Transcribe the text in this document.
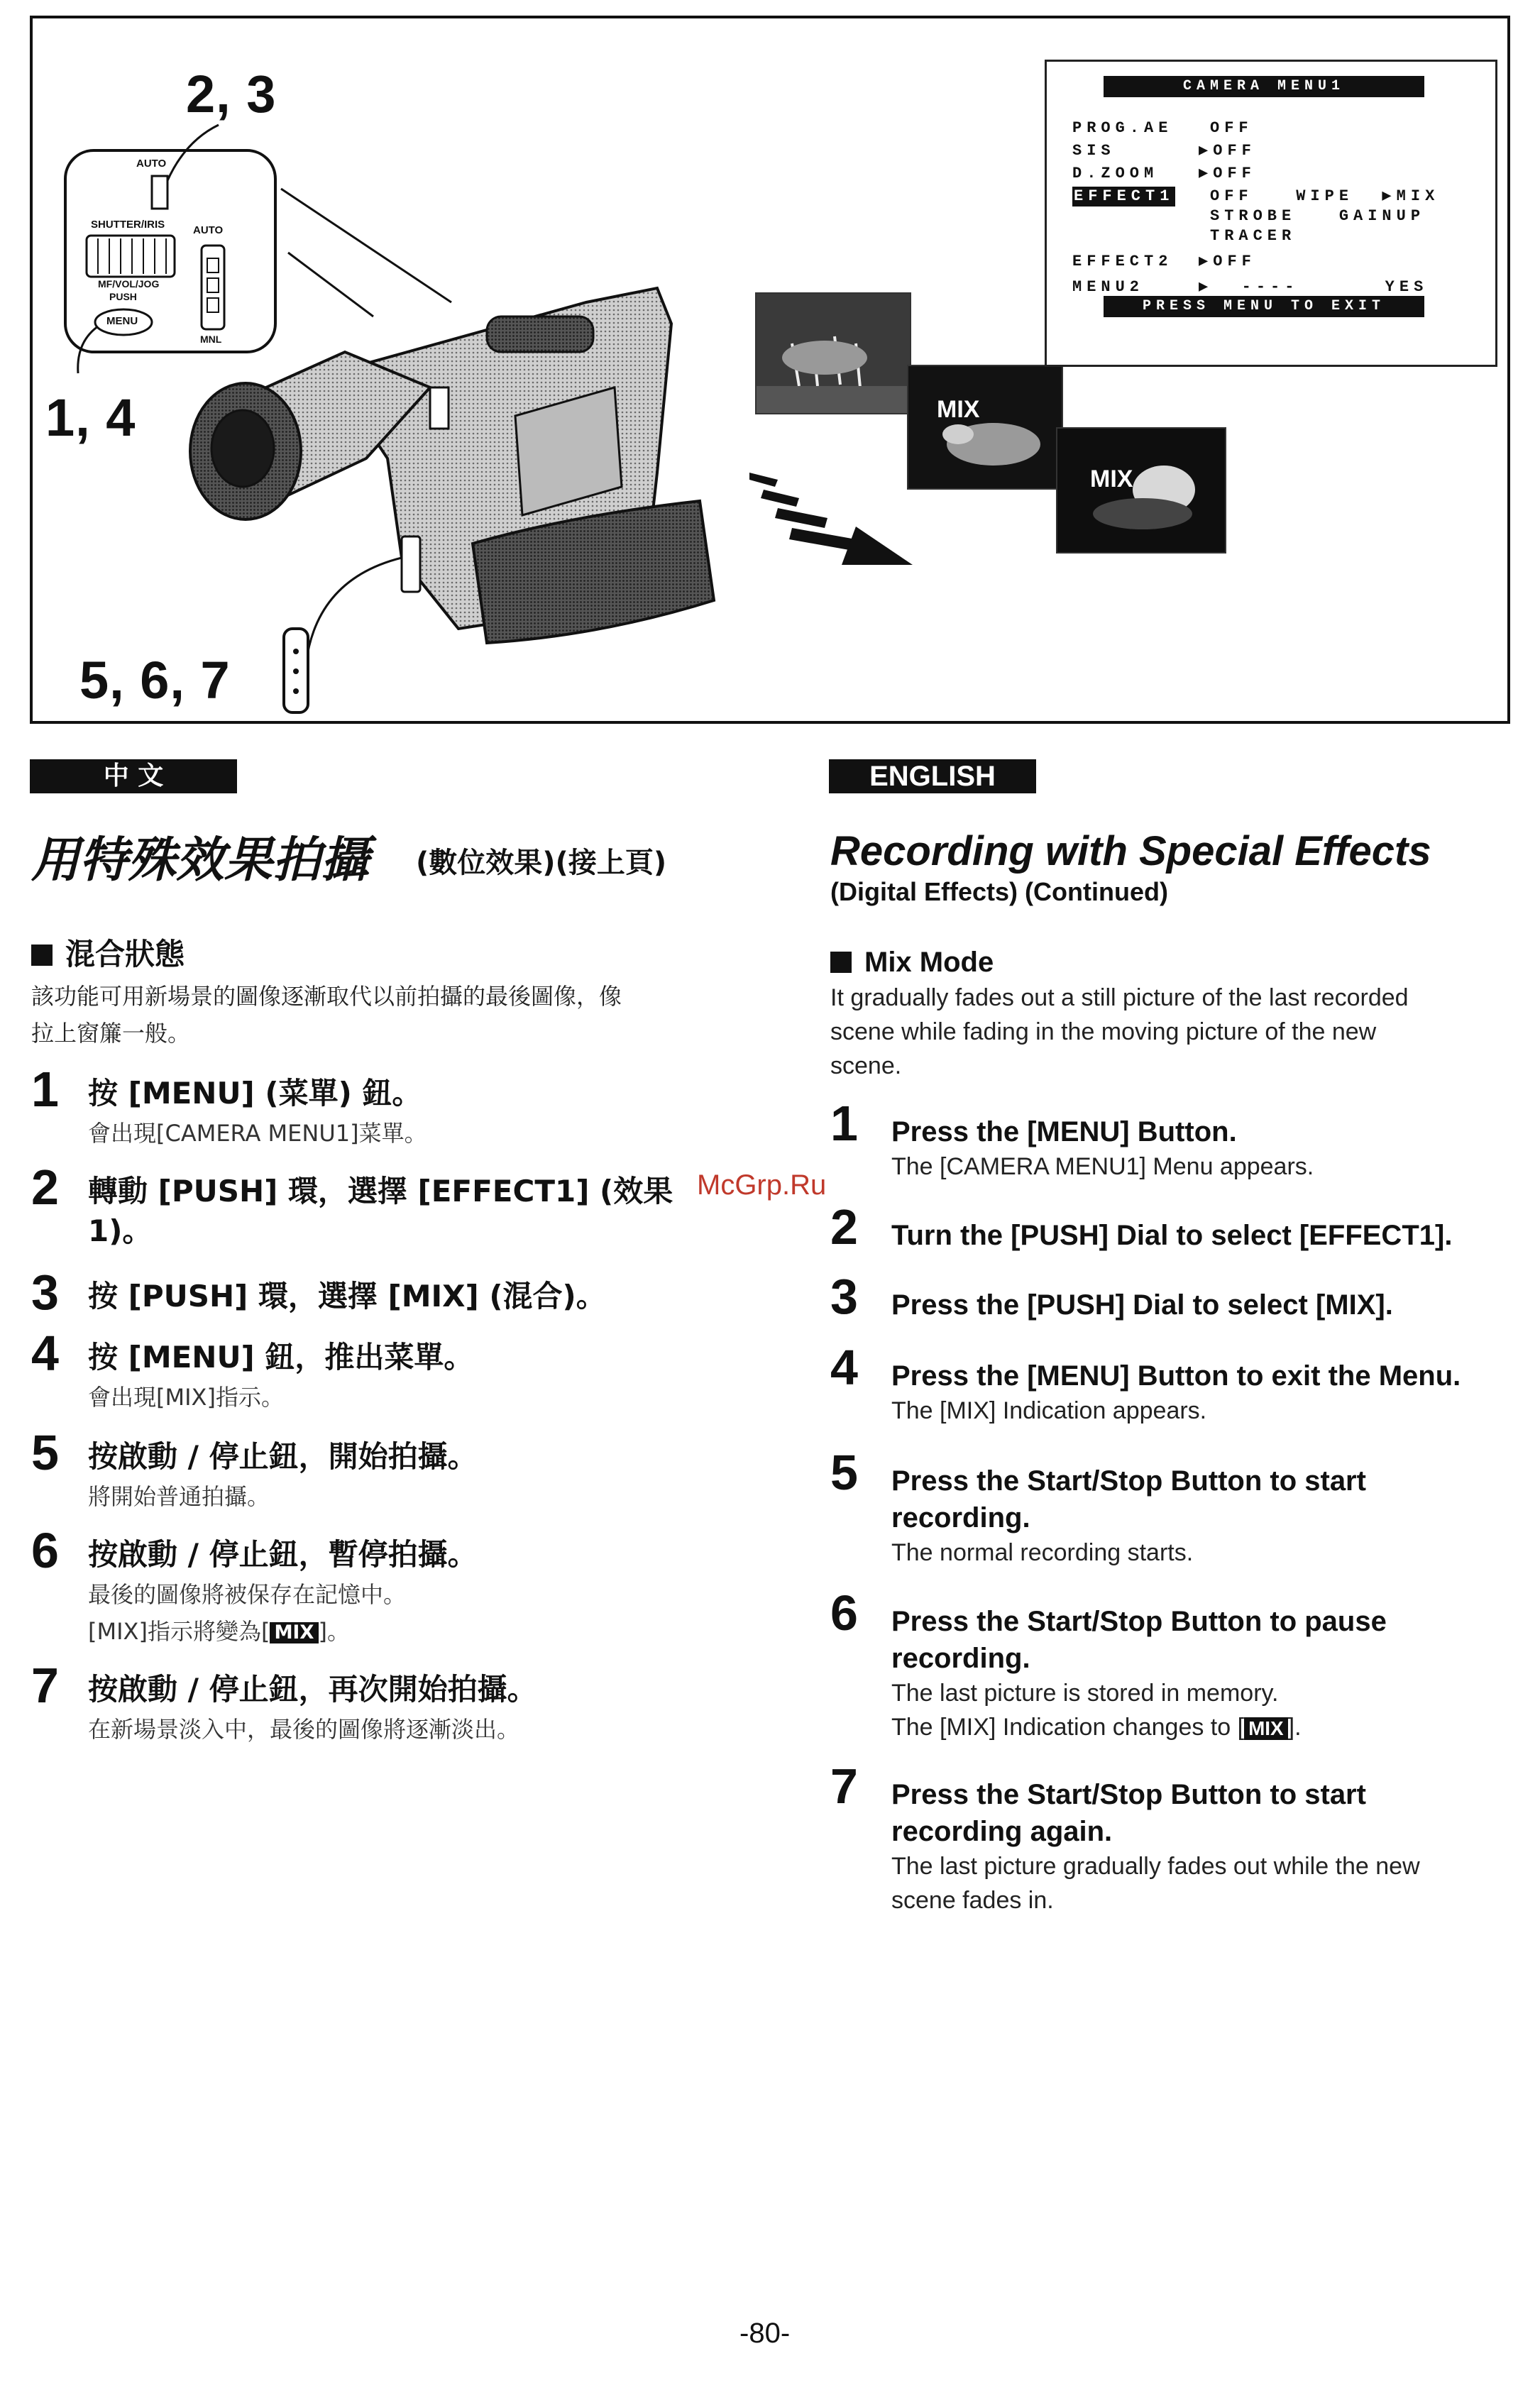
2, 3
1, 4
5, 6, 7
AUTO
SHUTTER/IRIS	AUTO
MF/VOL/JOG
PUSH
MENU
MNL
MIX
MIX
CAMERA MENU1

PROG.AE OFF

SIS	▶OFF

D.ZOOM	▶OFF

EFFECT1 OFF   WIPE  ▶MIX

STROBE   GAINUP

TRACER

EFFECT2 ▶OFF

MENU2	▶  ----      YES

PRESS MENU TO EXIT
中 文
用特殊效果拍攝 (數位效果)(接上頁)
混合狀態
該功能可用新場景的圖像逐漸取代以前拍攝的最後圖像，像
拉上窗簾一般。
1 按 [MENU] (菜單) 鈕。
會出現[CAMERA MENU1]菜單。
2 轉動 [PUSH] 環，選擇 [EFFECT1] (效果
1)。
3 按 [PUSH] 環，選擇 [MIX] (混合)。
4 按 [MENU] 鈕，推出菜單。
會出現[MIX]指示。
5 按啟動 / 停止鈕，開始拍攝。
將開始普通拍攝。
6 按啟動 / 停止鈕，暫停拍攝。
最後的圖像將被保存在記憶中。
[MIX]指示將變為[ MIX ]。
7 按啟動 / 停止鈕，再次開始拍攝。
在新場景淡入中，最後的圖像將逐漸淡出。
McGrp.Ru
ENGLISH
Recording with Special Effects
(Digital Effects) (Continued)
Mix Mode
It gradually fades out a still picture of the last recorded
scene while fading in the moving picture of the new
scene.
1 Press the [MENU] Button.
The [CAMERA MENU1] Menu appears.
2 Turn the [PUSH] Dial to select [EFFECT1].
3 Press the [PUSH] Dial to select [MIX].
4 Press the [MENU] Button to exit the Menu.
The [MIX] Indication appears.
5 Press the Start/Stop Button to start
recording.
The normal recording starts.
6 Press the Start/Stop Button to pause
recording.
The last picture is stored in memory.
The [MIX] Indication changes to [ MIX ].
7 Press the Start/Stop Button to start
recording again.
The last picture gradually fades out while the new
scene fades in.
-80-
